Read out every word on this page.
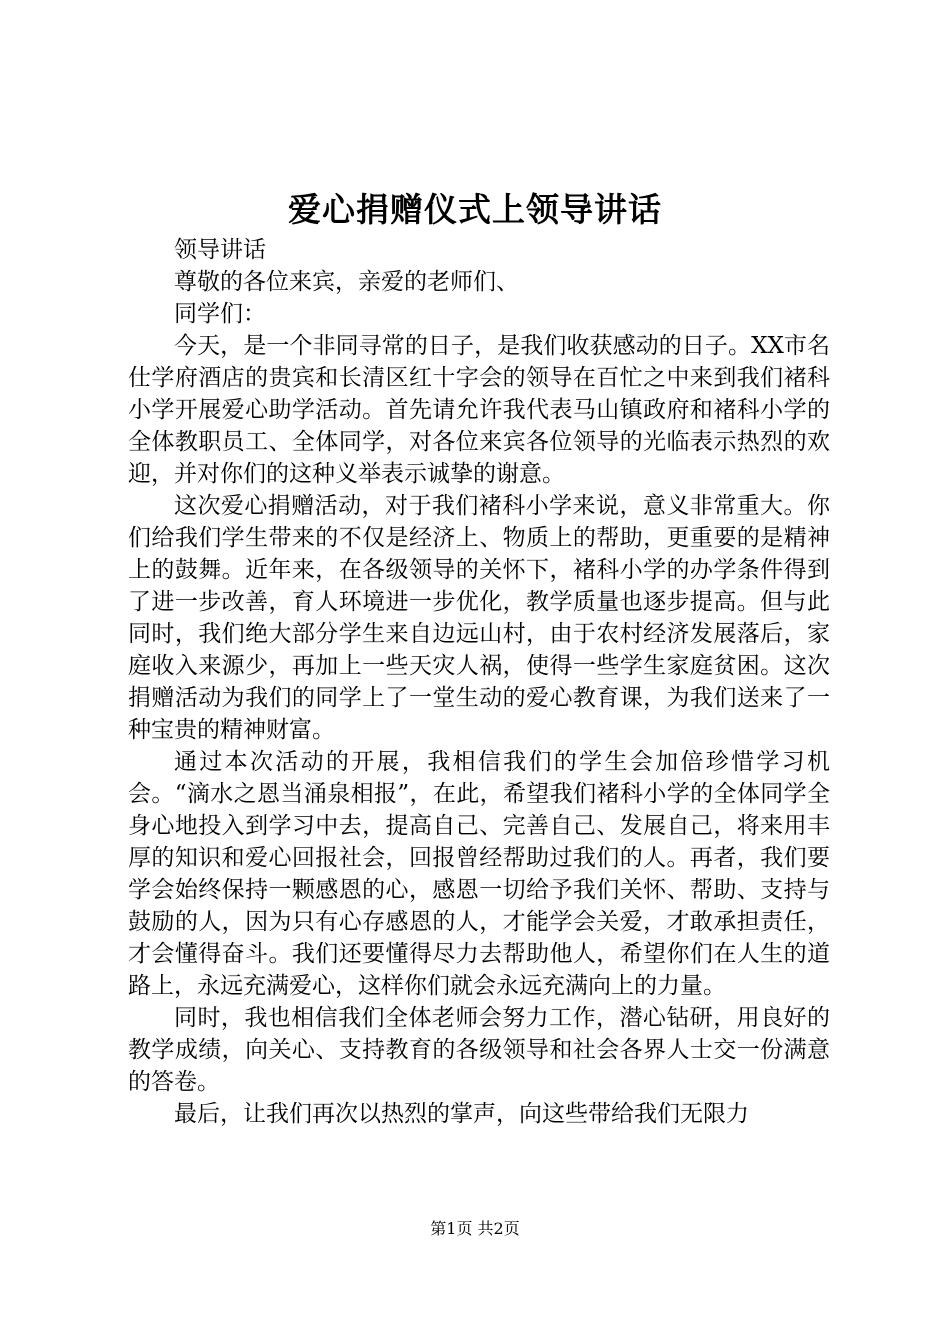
爱心捐赠仪式上领导讲话

领导讲话

尊敬的各位来宾，亲爱的老师们、

同学们：

今天，是一个非同寻常的日子，是我们收获感动的日子。XX市名仕学府酒店的贵宾和长清区红十字会的领导在百忙之中来到我们褚科小学开展爱心助学活动。首先请允许我代表马山镇政府和褚科小学的全体教职员工、全体同学，对各位来宾各位领导的光临表示热烈的欢迎，并对你们的这种义举表示诚挚的谢意。

这次爱心捐赠活动，对于我们褚科小学来说，意义非常重大。你们给我们学生带来的不仅是经济上、物质上的帮助，更重要的是精神上的鼓舞。近年来，在各级领导的关怀下，褚科小学的办学条件得到了进一步改善，育人环境进一步优化，教学质量也逐步提高。但与此同时，我们绝大部分学生来自边远山村，由于农村经济发展落后，家庭收入来源少，再加上一些天灾人祸，使得一些学生家庭贫困。这次捐赠活动为我们的同学上了一堂生动的爱心教育课，为我们送来了一种宝贵的精神财富。

通过本次活动的开展，我相信我们的学生会加倍珍惜学习机会。“滴水之恩当涌泉相报”，在此，希望我们褚科小学的全体同学全身心地投入到学习中去，提高自己、完善自己、发展自己，将来用丰厚的知识和爱心回报社会，回报曾经帮助过我们的人。再者，我们要学会始终保持一颗感恩的心，感恩一切给予我们关怀、帮助、支持与鼓励的人，因为只有心存感恩的人，才能学会关爱，才敢承担责任，才会懂得奋斗。我们还要懂得尽力去帮助他人，希望你们在人生的道路上，永远充满爱心，这样你们就会永远充满向上的力量。

同时，我也相信我们全体老师会努力工作，潜心钻研，用良好的教学成绩，向关心、支持教育的各级领导和社会各界人士交一份满意的答卷。

最后，让我们再次以热烈的掌声，向这些带给我们无限力

第1页 共2页
